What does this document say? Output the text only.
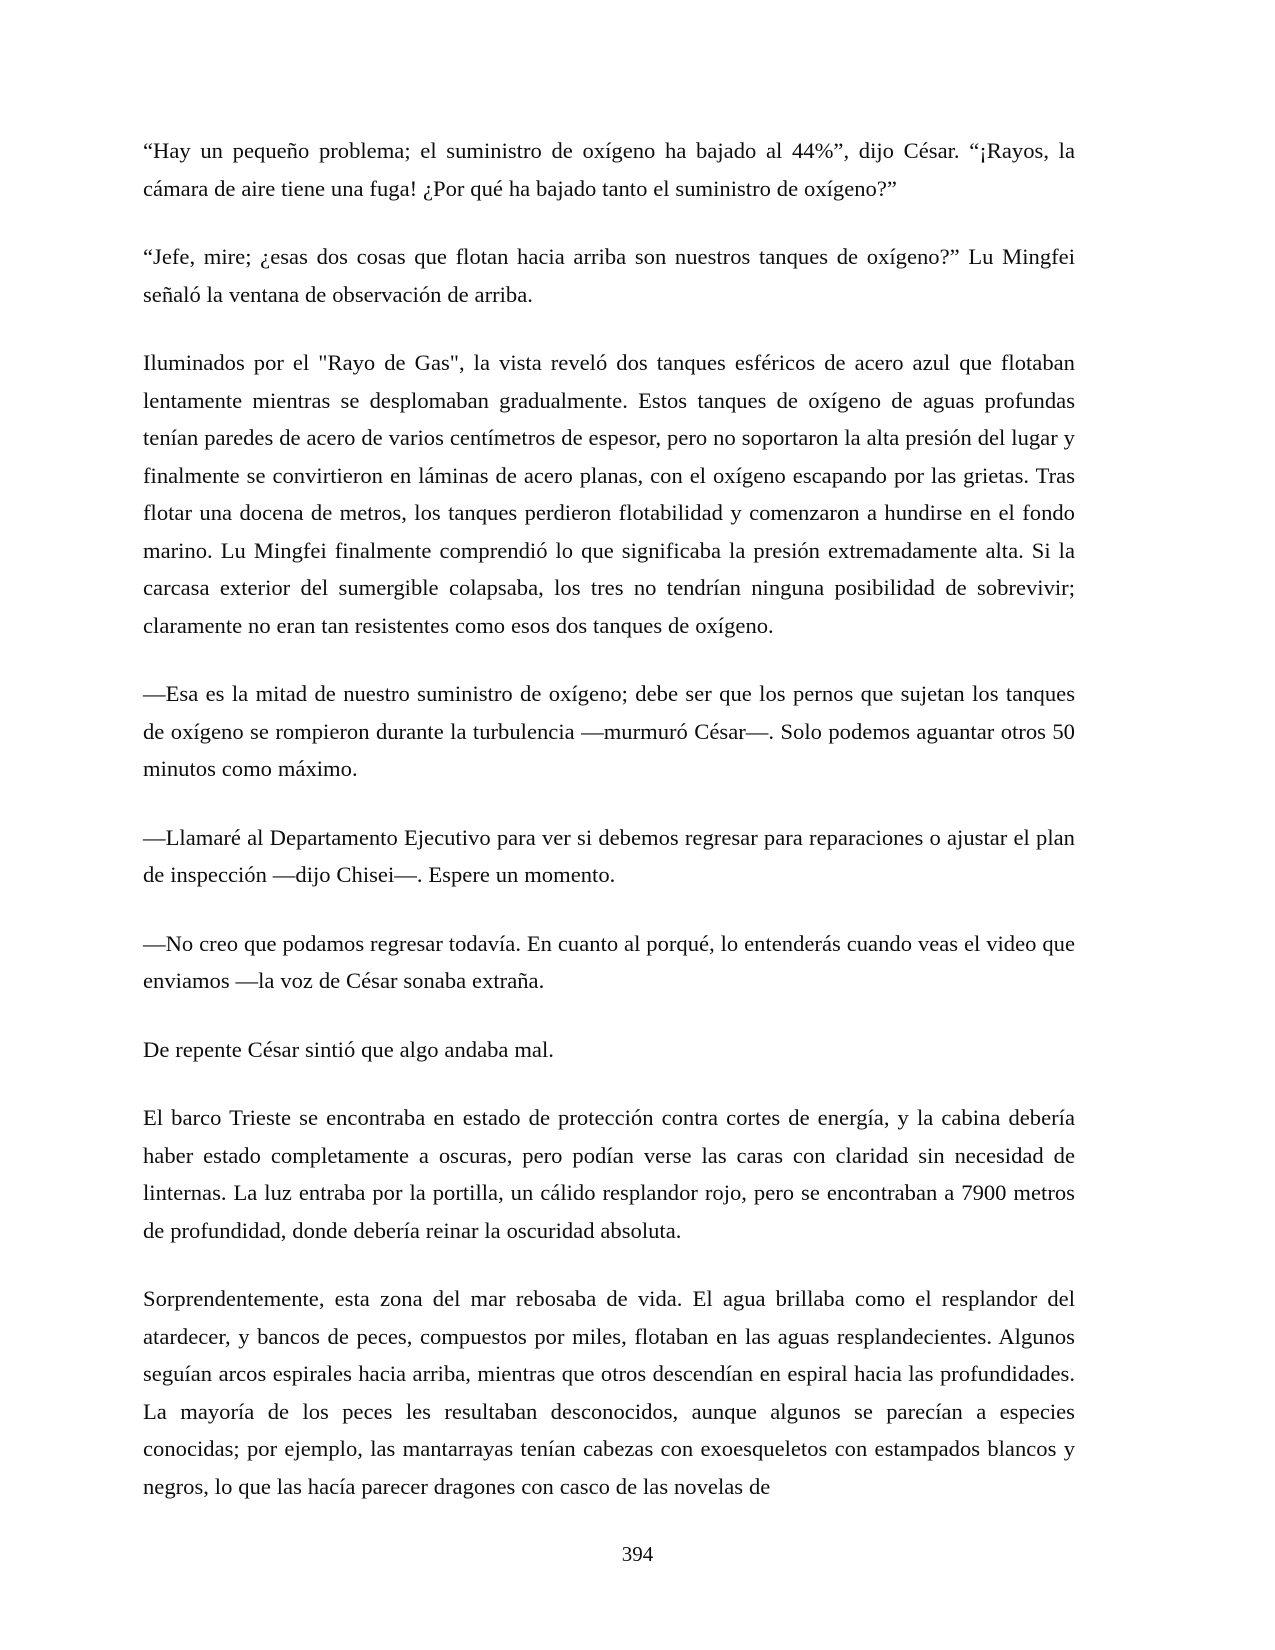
“Hay un pequeño problema; el suministro de oxígeno ha bajado al 44%”, dijo César. “¡Rayos, la cámara de aire tiene una fuga! ¿Por qué ha bajado tanto el suministro de oxígeno?”

“Jefe, mire; ¿esas dos cosas que flotan hacia arriba son nuestros tanques de oxígeno?” Lu Mingfei señaló la ventana de observación de arriba.

Iluminados por el "Rayo de Gas", la vista reveló dos tanques esféricos de acero azul que flotaban lentamente mientras se desplomaban gradualmente. Estos tanques de oxígeno de aguas profundas tenían paredes de acero de varios centímetros de espesor, pero no soportaron la alta presión del lugar y finalmente se convirtieron en láminas de acero planas, con el oxígeno escapando por las grietas. Tras flotar una docena de metros, los tanques perdieron flotabilidad y comenzaron a hundirse en el fondo marino. Lu Mingfei finalmente comprendió lo que significaba la presión extremadamente alta. Si la carcasa exterior del sumergible colapsaba, los tres no tendrían ninguna posibilidad de sobrevivir; claramente no eran tan resistentes como esos dos tanques de oxígeno.

—Esa es la mitad de nuestro suministro de oxígeno; debe ser que los pernos que sujetan los tanques de oxígeno se rompieron durante la turbulencia —murmuró César—. Solo podemos aguantar otros 50 minutos como máximo.

—Llamaré al Departamento Ejecutivo para ver si debemos regresar para reparaciones o ajustar el plan de inspección —dijo Chisei—. Espere un momento.

—No creo que podamos regresar todavía. En cuanto al porqué, lo entenderás cuando veas el video que enviamos —la voz de César sonaba extraña.

De repente César sintió que algo andaba mal.

El barco Trieste se encontraba en estado de protección contra cortes de energía, y la cabina debería haber estado completamente a oscuras, pero podían verse las caras con claridad sin necesidad de linternas. La luz entraba por la portilla, un cálido resplandor rojo, pero se encontraban a 7900 metros de profundidad, donde debería reinar la oscuridad absoluta.

Sorprendentemente, esta zona del mar rebosaba de vida. El agua brillaba como el resplandor del atardecer, y bancos de peces, compuestos por miles, flotaban en las aguas resplandecientes. Algunos seguían arcos espirales hacia arriba, mientras que otros descendían en espiral hacia las profundidades. La mayoría de los peces les resultaban desconocidos, aunque algunos se parecían a especies conocidas; por ejemplo, las mantarrayas tenían cabezas con exoesqueletos con estampados blancos y negros, lo que las hacía parecer dragones con casco de las novelas de

394
